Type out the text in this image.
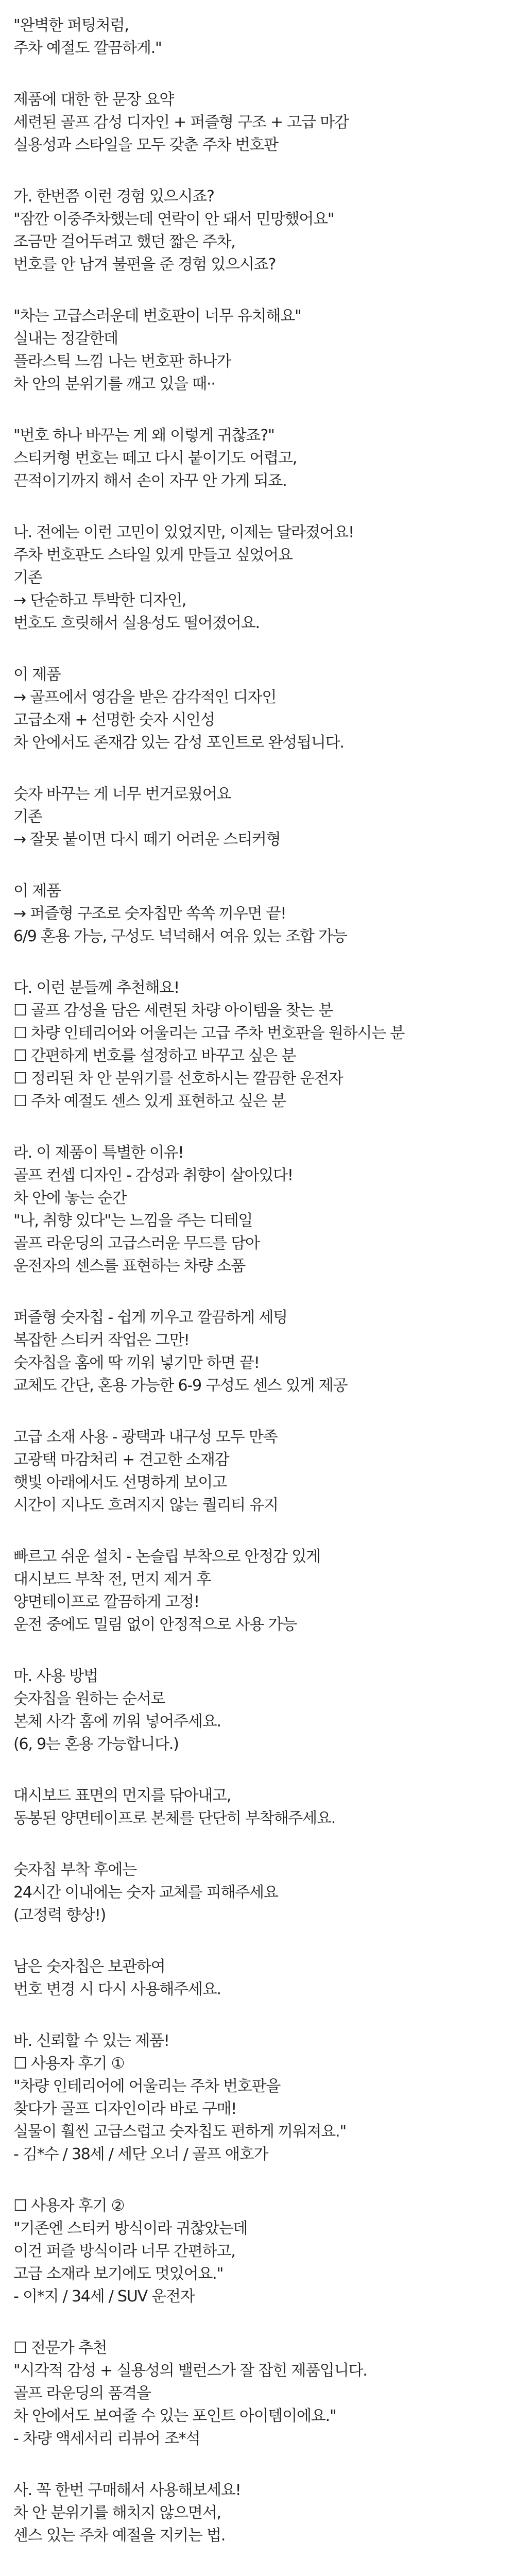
"완벽한 퍼팅처럼,
주차 예절도 깔끔하게."
제품에 대한 한 문장 요약
세련된 골프 감성 디자인 + 퍼즐형 구조 + 고급 마감
실용성과 스타일을 모두 갖춘 주차 번호판
가. 한번쯤 이런 경험 있으시죠?
"잠깐 이중주차했는데 연락이 안 돼서 민망했어요"
조금만 걸어두려고 했던 짧은 주차,
번호를 안 남겨 불편을 준 경험 있으시죠?
"차는 고급스러운데 번호판이 너무 유치해요"
실내는 정갈한데
플라스틱 느낌 나는 번호판 하나가
차 안의 분위기를 깨고 있을 때··
"번호 하나 바꾸는 게 왜 이렇게 귀찮죠?"
스티커형 번호는 떼고 다시 붙이기도 어렵고,
끈적이기까지 해서 손이 자꾸 안 가게 되죠.
나. 전에는 이런 고민이 있었지만, 이제는 달라졌어요!
주차 번호판도 스타일 있게 만들고 싶었어요
기존
→ 단순하고 투박한 디자인,
번호도 흐릿해서 실용성도 떨어졌어요.
이 제품
→ 골프에서 영감을 받은 감각적인 디자인
고급소재 + 선명한 숫자 시인성
차 안에서도 존재감 있는 감성 포인트로 완성됩니다.
숫자 바꾸는 게 너무 번거로웠어요
기존
→ 잘못 붙이면 다시 떼기 어려운 스티커형
이 제품
→ 퍼즐형 구조로 숫자칩만 쏙쏙 끼우면 끝!
6/9 혼용 가능, 구성도 넉넉해서 여유 있는 조합 가능
다. 이런 분들께 추천해요!
☐ 골프 감성을 담은 세련된 차량 아이템을 찾는 분
☐ 차량 인테리어와 어울리는 고급 주차 번호판을 원하시는 분
☐ 간편하게 번호를 설정하고 바꾸고 싶은 분
☐ 정리된 차 안 분위기를 선호하시는 깔끔한 운전자
☐ 주차 예절도 센스 있게 표현하고 싶은 분
라. 이 제품이 특별한 이유!
골프 컨셉 디자인 - 감성과 취향이 살아있다!
차 안에 놓는 순간
"나, 취향 있다"는 느낌을 주는 디테일
골프 라운딩의 고급스러운 무드를 담아
운전자의 센스를 표현하는 차량 소품
퍼즐형 숫자칩 - 쉽게 끼우고 깔끔하게 세팅
복잡한 스티커 작업은 그만!
숫자칩을 홈에 딱 끼워 넣기만 하면 끝!
교체도 간단, 혼용 가능한 6-9 구성도 센스 있게 제공
고급 소재 사용 - 광택과 내구성 모두 만족
고광택 마감처리 + 견고한 소재감
햇빛 아래에서도 선명하게 보이고
시간이 지나도 흐려지지 않는 퀄리티 유지
빠르고 쉬운 설치 - 논슬립 부착으로 안정감 있게
대시보드 부착 전, 먼지 제거 후
양면테이프로 깔끔하게 고정!
운전 중에도 밀림 없이 안정적으로 사용 가능
마. 사용 방법
숫자칩을 원하는 순서로
본체 사각 홈에 끼워 넣어주세요.
(6, 9는 혼용 가능합니다.)
대시보드 표면의 먼지를 닦아내고,
동봉된 양면테이프로 본체를 단단히 부착해주세요.
숫자칩 부착 후에는
24시간 이내에는 숫자 교체를 피해주세요
(고정력 향상!)
남은 숫자칩은 보관하여
번호 변경 시 다시 사용해주세요.
바. 신뢰할 수 있는 제품!
☐ 사용자 후기 ①
"차량 인테리어에 어울리는 주차 번호판을
찾다가 골프 디자인이라 바로 구매!
실물이 훨씬 고급스럽고 숫자칩도 편하게 끼워져요."
- 김*수 / 38세 / 세단 오너 / 골프 애호가
☐ 사용자 후기 ②
"기존엔 스티커 방식이라 귀찮았는데
이건 퍼즐 방식이라 너무 간편하고,
고급 소재라 보기에도 멋있어요."
- 이*지 / 34세 / SUV 운전자
☐ 전문가 추천
"시각적 감성 + 실용성의 밸런스가 잘 잡힌 제품입니다.
골프 라운딩의 품격을
차 안에서도 보여줄 수 있는 포인트 아이템이에요."
- 차량 액세서리 리뷰어 조*석
사. 꼭 한번 구매해서 사용해보세요!
차 안 분위기를 해치지 않으면서,
센스 있는 주차 예절을 지키는 법.
